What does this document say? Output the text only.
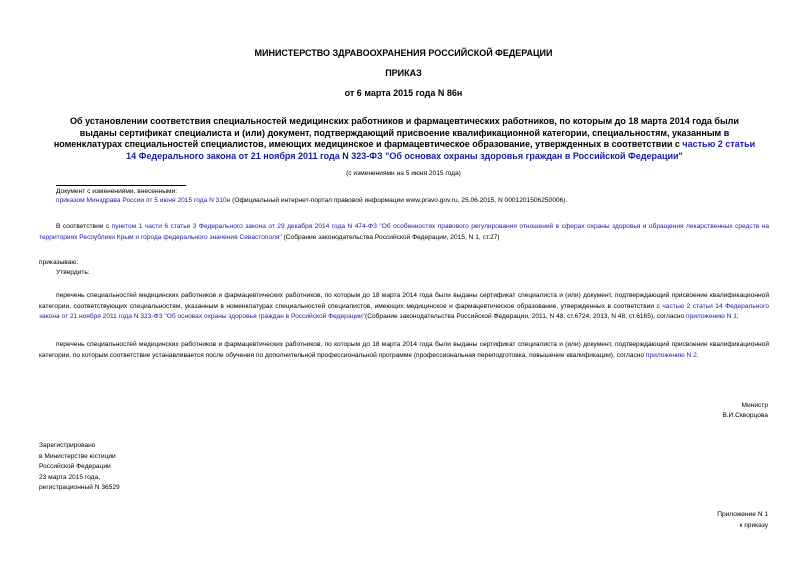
МИНИСТЕРСТВО ЗДРАВООХРАНЕНИЯ РОССИЙСКОЙ ФЕДЕРАЦИИ
ПРИКАЗ
от 6 марта 2015 года N 86н
Об установлении соответствия специальностей медицинских работников и фармацевтических работников, по которым до 18 марта 2014 года были выданы сертификат специалиста и (или) документ, подтверждающий присвоение квалификационной категории, специальностям, указанным в номенклатурах специальностей специалистов, имеющих медицинское и фармацевтическое образование, утвержденных в соответствии с частью 2 статьи 14 Федерального закона от 21 ноября 2011 года N 323-ФЗ "Об основах охраны здоровья граждан в Российской Федерации"
(с изменениями на 5 июня 2015 года)
Документ с изменениями, внесенными:
приказом Минздрава России от 5 июня 2015 года N 310н (Официальный интернет-портал правовой информации www.pravo.gov.ru, 25.06.2015, N 0001201506250006).
В соответствии с пунктом 1 части 6 статьи 3 Федерального закона от 29 декабря 2014 года N 474-ФЗ "Об особенностях правового регулирования отношений в сферах охраны здоровья и обращения лекарственных средств на территориях Республики Крым и города федерального значения Севастополя" (Собрание законодательства Российской Федерации, 2015, N 1, ст.27)
приказываю:
Утвердить:
перечень специальностей медицинских работников и фармацевтических работников, по которым до 18 марта 2014 года были выданы сертификат специалиста и (или) документ, подтверждающий присвоение квалификационной категории, соответствующих специальностям, указанным в номенклатурах специальностей специалистов, имеющих медицинское и фармацевтическое образование, утвержденных в соответствии с частью 2 статьи 14 Федерального закона от 21 ноября 2011 года N 323-ФЗ "Об основах охраны здоровья граждан в Российской Федерации"(Собрание законодательства Российской Федерации, 2011, N 48, ст.6724; 2013, N 48, ст.6165), согласно приложению N 1;
перечень специальностей медицинских работников и фармацевтических работников, по которым до 18 марта 2014 года были выданы сертификат специалиста и (или) документ, подтверждающий присвоение квалификационной категории, по которым соответствие устанавливается после обучения по дополнительной профессиональной программе (профессиональная переподготовка, повышение квалификации), согласно приложению N 2.
Министр
В.И.Скворцова
Зарегистрировано
в Министерстве юстиции
Российской Федерации
23 марта 2015 года,
регистрационный N 36529
Приложение N 1
к приказу
